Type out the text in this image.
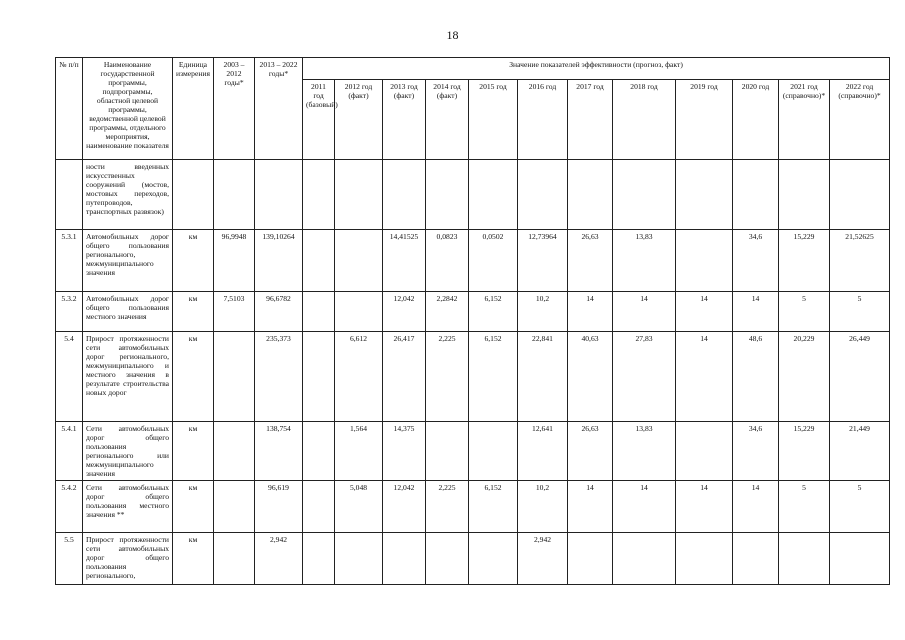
18
№ п/п	Наименование государственной программы, подпрограммы, областной целевой программы, ведомственной целевой программы, отдельного мероприятия, наименование показателя	Единица измерения	2003 – 2012 годы*	2013 – 2022 годы*	Значение показателей эффективности (прогноз, факт)											
					2011 год (базовый)	2012 год (факт)	2013 год (факт)	2014 год (факт)	2015 год	2016 год	2017 год	2018 год	2019 год	2020 год	2021 год (справочно)*	2022 год (справочно)*
	ности введенных искусственных сооружений (мостов, мостовых переходов, путепроводов, транспортных развязок)															
5.3.1	Автомобильных дорог общего пользования регионального, межмуниципального значения	км	96,9948	139,10264			14,41525	0,0823	0,0502	12,73964	26,63	13,83		34,6	15,229	21,52625
5.3.2	Автомобильных дорог общего пользования местного значения	км	7,5103	96,6782			12,042	2,2842	6,152	10,2	14	14	14	14	5	5
5.4	Прирост протяженности сети автомобильных дорог регионального, межмуниципального и местного значения в результате строительства новых дорог	км		235,373		6,612	26,417	2,225	6,152	22,841	40,63	27,83	14	48,6	20,229	26,449
5.4.1	Сети автомобильных дорог общего пользования регионального или межмуниципального значения	км		138,754		1,564	14,375			12,641	26,63	13,83		34,6	15,229	21,449
5.4.2	Сети автомобильных дорог общего пользования местного значения **	км		96,619		5,048	12,042	2,225	6,152	10,2	14	14	14	14	5	5
5.5	Прирост протяженности сети автомобильных дорог общего пользования регионального,	км		2,942						2,942						
